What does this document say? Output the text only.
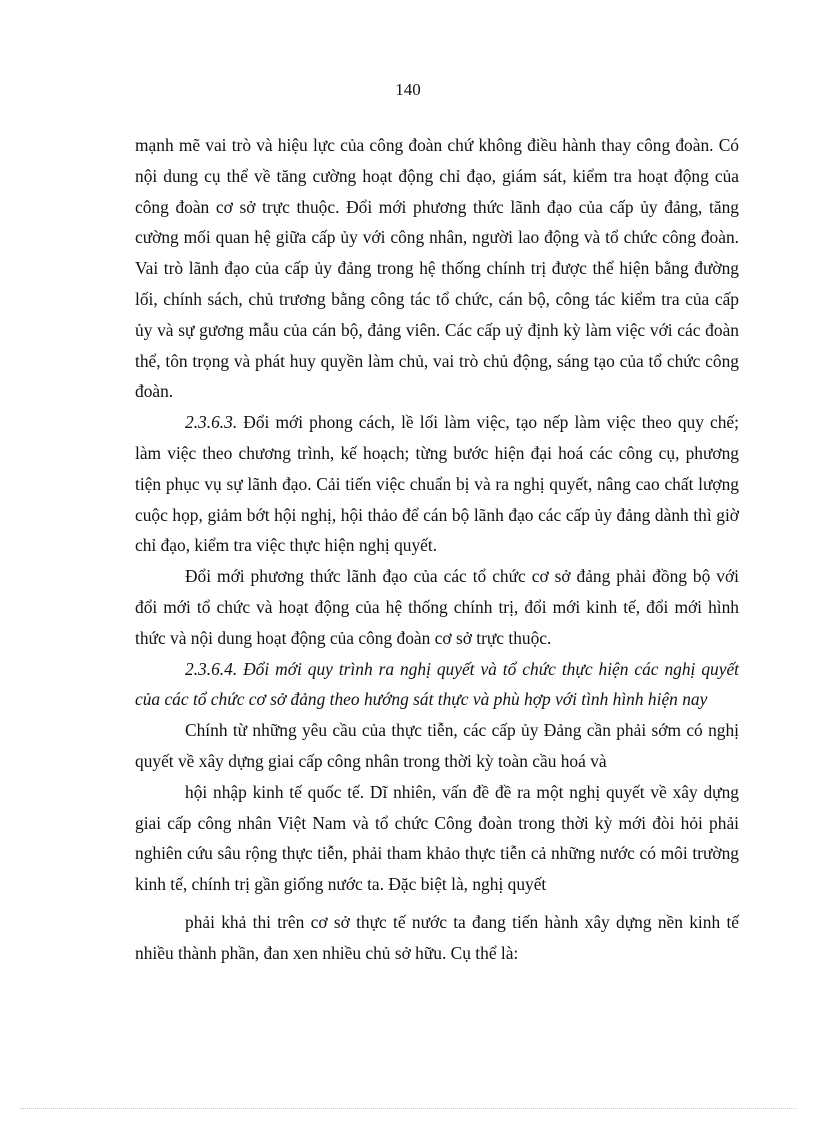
140

mạnh mẽ vai trò và hiệu lực của công đoàn chứ không điều hành thay công đoàn. Có nội dung cụ thể về tăng cường hoạt động chỉ đạo, giám sát, kiểm tra hoạt động của công đoàn cơ sở trực thuộc. Đổi mới phương thức lãnh đạo của cấp ủy đảng, tăng cường mối quan hệ giữa cấp ủy với công nhân, người lao động và tổ chức công đoàn. Vai trò lãnh đạo của cấp ủy đảng trong hệ thống chính trị được thể hiện bằng đường lối, chính sách, chủ trương bằng công tác tổ chức, cán bộ, công tác kiểm tra của cấp ủy và sự gương mẫu của cán bộ, đảng viên. Các cấp uỷ định kỳ làm việc với các đoàn thể, tôn trọng và phát huy quyền làm chủ, vai trò chủ động, sáng tạo của tổ chức công đoàn.

2.3.6.3. Đổi mới phong cách, lề lối làm việc, tạo nếp làm việc theo quy chế; làm việc theo chương trình, kế hoạch; từng bước hiện đại hoá các công cụ, phương tiện phục vụ sự lãnh đạo. Cải tiến việc chuẩn bị và ra nghị quyết, nâng cao chất lượng cuộc họp, giảm bớt hội nghị, hội thảo để cán bộ lãnh đạo các cấp ủy đảng dành thì giờ chỉ đạo, kiểm tra việc thực hiện nghị quyết.

Đổi mới phương thức lãnh đạo của các tổ chức cơ sở đảng phải đồng bộ với đổi mới tổ chức và hoạt động của hệ thống chính trị, đổi mới kinh tế, đổi mới hình thức và nội dung hoạt động của công đoàn cơ sở trực thuộc.

2.3.6.4. Đổi mới quy trình ra nghị quyết và tổ chức thực hiện các nghị quyết của các tổ chức cơ sở đảng theo hướng sát thực và phù hợp với tình hình hiện nay

Chính từ những yêu cầu của thực tiễn, các cấp ủy Đảng cần phải sớm có nghị quyết về xây dựng giai cấp công nhân trong thời kỳ toàn cầu hoá và

hội nhập kinh tế quốc tế. Dĩ nhiên, vấn đề đề ra một nghị quyết về xây dựng giai cấp công nhân Việt Nam và tổ chức Công đoàn trong thời kỳ mới đòi hỏi phải nghiên cứu sâu rộng thực tiễn, phải tham khảo thực tiễn cả những nước có môi trường kinh tế, chính trị gần giống nước ta. Đặc biệt là, nghị quyết

phải khả thi trên cơ sở thực tế nước ta đang tiến hành xây dựng nền kinh tế nhiều thành phần, đan xen nhiều chủ sở hữu. Cụ thể là:
